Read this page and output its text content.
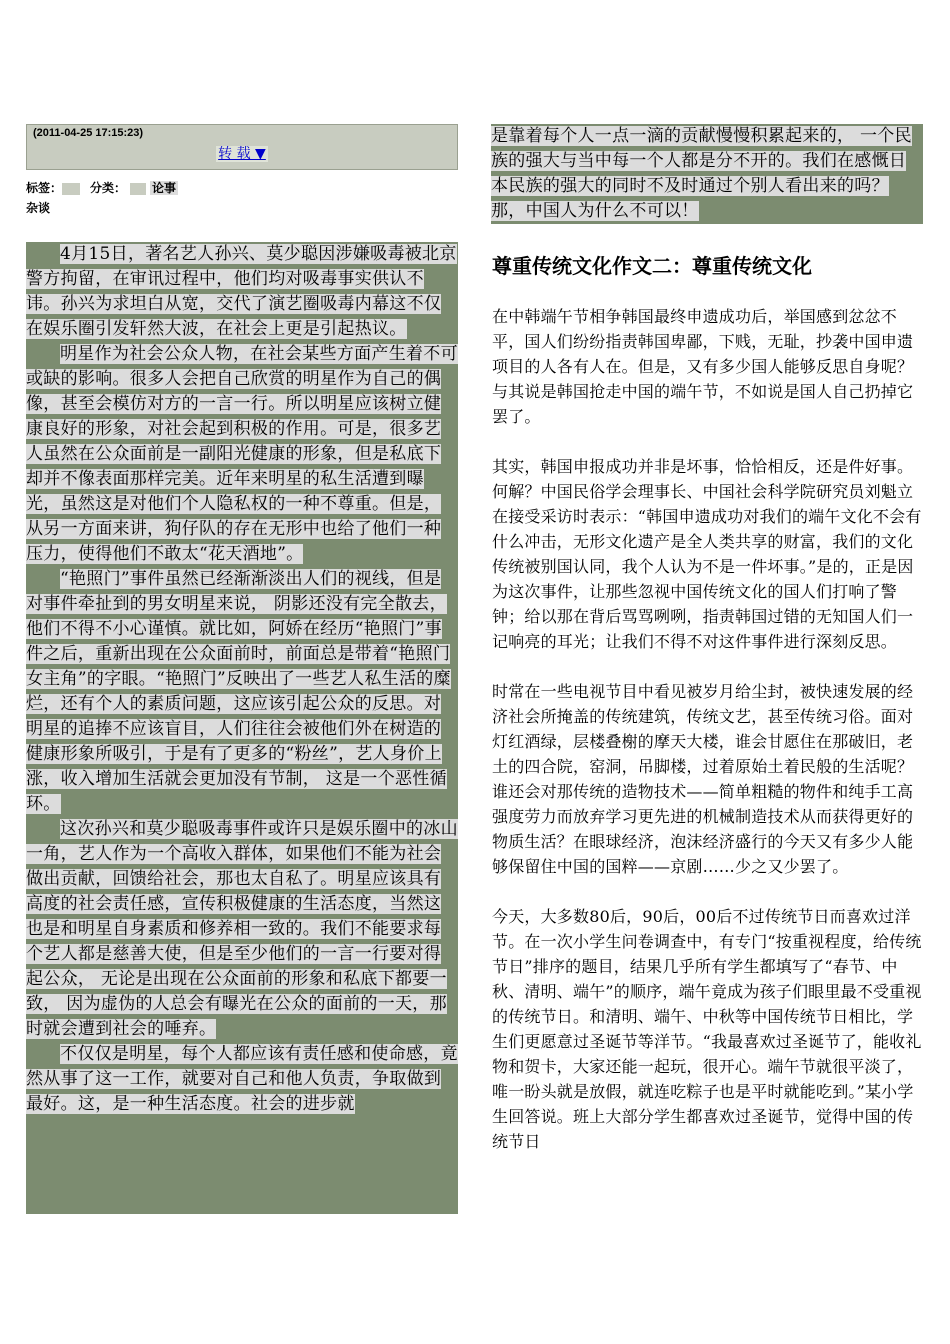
(2011-04-25 17:15:23)
转 载 ▼
标签： 分类： 论事
杂谈

4月15日，著名艺人孙兴、莫少聪因涉嫌吸毒被北京警方拘留，在审讯过程中，他们均对吸毒事实供认不讳。孙兴为求坦白从宽，交代了演艺圈吸毒内幕这不仅在娱乐圈引发轩然大波，在社会上更是引起热议。

明星作为社会公众人物，在社会某些方面产生着不可或缺的影响。很多人会把自己欣赏的明星作为自己的偶像，甚至会模仿对方的一言一行。所以明星应该树立健康良好的形象，对社会起到积极的作用。可是，很多艺人虽然在公众面前是一副阳光健康的形象，但是私底下却并不像表面那样完美。近年来明星的私生活遭到曝光，虽然这是对他们个人隐私权的一种不尊重。但是，从另一方面来讲，狗仔队的存在无形中也给了他们一种压力，使得他们不敢太“花天酒地”。

“艳照门”事件虽然已经渐渐淡出人们的视线，但是对事件牵扯到的男女明星来说， 阴影还没有完全散去，他们不得不小心谨慎。就比如，阿娇在经历“艳照门”事件之后，重新出现在公众面前时，前面总是带着“艳照门女主角”的字眼。“艳照门”反映出了一些艺人私生活的糜烂，还有个人的素质问题，这应该引起公众的反思。对明星的追捧不应该盲目，人们往往会被他们外在树造的健康形象所吸引，于是有了更多的“粉丝”，艺人身价上涨，收入增加生活就会更加没有节制， 这是一个恶性循环。

这次孙兴和莫少聪吸毒事件或许只是娱乐圈中的冰山一角，艺人作为一个高收入群体，如果他们不能为社会做出贡献，回馈给社会，那也太自私了。明星应该具有高度的社会责任感，宣传积极健康的生活态度，当然这也是和明星自身素质和修养相一致的。我们不能要求每个艺人都是慈善大使，但是至少他们的一言一行要对得起公众， 无论是出现在公众面前的形象和私底下都要一致， 因为虚伪的人总会有曝光在公众的面前的一天，那时就会遭到社会的唾弃。

不仅仅是明星，每个人都应该有责任感和使命感，竟然从事了这一工作，就要对自己和他人负责，争取做到最好。这，是一种生活态度。社会的进步就

是靠着每个人一点一滴的贡献慢慢积累起来的， 一个民族的强大与当中每一个人都是分不开的。我们在感慨日本民族的强大的同时不及时通过个别人看出来的吗？那，中国人为什么不可以！

尊重传统文化作文二：尊重传统文化

在中韩端午节相争韩国最终申遗成功后，举国感到忿忿不平，国人们纷纷指责韩国卑鄙，下贱，无耻，抄袭中国申遗项目的人各有人在。但是，又有多少国人能够反思自身呢？与其说是韩国抢走中国的端午节，不如说是国人自己扔掉它罢了。

其实，韩国申报成功并非是坏事，恰恰相反，还是件好事。何解？中国民俗学会理事长、中国社会科学院研究员刘魁立在接受采访时表示：“韩国申遗成功对我们的端午文化不会有什么冲击，无形文化遗产是全人类共享的财富，我们的文化传统被别国认同，我个人认为不是一件坏事。”是的，正是因为这次事件，让那些忽视中国传统文化的国人们打响了警钟；给以那在背后骂骂咧咧，指责韩国过错的无知国人们一记响亮的耳光；让我们不得不对这件事件进行深刻反思。

时常在一些电视节目中看见被岁月给尘封，被快速发展的经济社会所掩盖的传统建筑，传统文艺，甚至传统习俗。面对灯红酒绿，层楼叠榭的摩天大楼，谁会甘愿住在那破旧，老土的四合院，窑洞，吊脚楼，过着原始土着民般的生活呢？谁还会对那传统的造物技术——简单粗糙的物件和纯手工高强度劳力而放弃学习更先进的机械制造技术从而获得更好的物质生活？在眼球经济，泡沫经济盛行的今天又有多少人能够保留住中国的国粹——京剧……少之又少罢了。

今天，大多数80后，90后，00后不过传统节日而喜欢过洋节。在一次小学生问卷调查中，有专门“按重视程度，给传统节日”排序的题目，结果几乎所有学生都填写了“春节、中秋、清明、端午”的顺序，端午竟成为孩子们眼里最不受重视的传统节日。和清明、端午、中秋等中国传统节日相比，学生们更愿意过圣诞节等洋节。“我最喜欢过圣诞节了，能收礼物和贺卡，大家还能一起玩，很开心。端午节就很平淡了，唯一盼头就是放假，就连吃粽子也是平时就能吃到。”某小学生回答说。班上大部分学生都喜欢过圣诞节，觉得中国的传统节日
